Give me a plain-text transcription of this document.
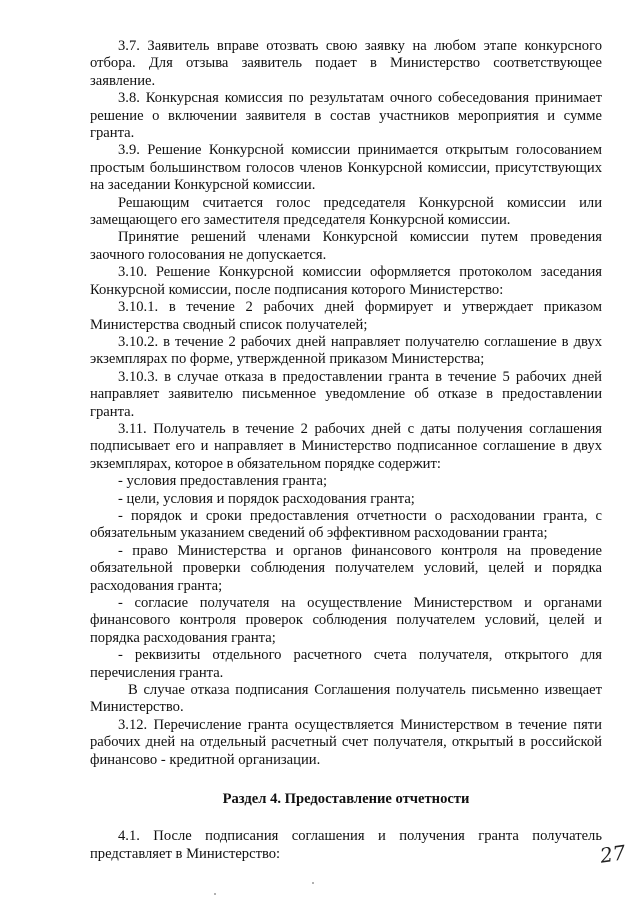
3.7. Заявитель вправе отозвать свою заявку на любом этапе конкурсного отбора. Для отзыва заявитель подает в Министерство соответствующее заявление.

3.8. Конкурсная комиссия по результатам очного собеседования принимает решение о включении заявителя в состав участников мероприятия и сумме гранта.

3.9. Решение Конкурсной комиссии принимается открытым голосованием простым большинством голосов членов Конкурсной комиссии, присутствующих на заседании Конкурсной комиссии.

Решающим считается голос председателя Конкурсной комиссии или замещающего его заместителя председателя Конкурсной комиссии.

Принятие решений членами Конкурсной комиссии путем проведения заочного голосования не допускается.

3.10. Решение Конкурсной комиссии оформляется протоколом заседания Конкурсной комиссии, после подписания которого Министерство:

3.10.1. в течение 2 рабочих дней формирует и утверждает приказом Министерства сводный список получателей;

3.10.2. в течение 2 рабочих дней направляет получателю соглашение в двух экземплярах по форме, утвержденной приказом Министерства;

3.10.3. в случае отказа в предоставлении гранта в течение 5 рабочих дней направляет заявителю письменное уведомление об отказе в предоставлении гранта.

3.11. Получатель в течение 2 рабочих дней с даты получения соглашения подписывает его и направляет в Министерство подписанное соглашение в двух экземплярах, которое в обязательном порядке содержит:

- условия предоставления гранта;

- цели, условия и порядок расходования гранта;

- порядок и сроки предоставления отчетности о расходовании гранта, с обязательным указанием сведений об эффективном расходовании гранта;

- право Министерства и органов финансового контроля на проведение обязательной проверки соблюдения получателем условий, целей и порядка расходования гранта;

- согласие получателя на осуществление Министерством и органами финансового контроля проверок соблюдения получателем условий, целей и порядка расходования гранта;

- реквизиты отдельного расчетного счета получателя, открытого для перечисления гранта.

В случае отказа подписания Соглашения получатель письменно извещает Министерство.

3.12. Перечисление гранта осуществляется Министерством в течение пяти рабочих дней на отдельный расчетный счет получателя, открытый в российской финансово - кредитной организации.

Раздел 4. Предоставление отчетности

4.1. После подписания соглашения и получения гранта получатель представляет в Министерство:	27
